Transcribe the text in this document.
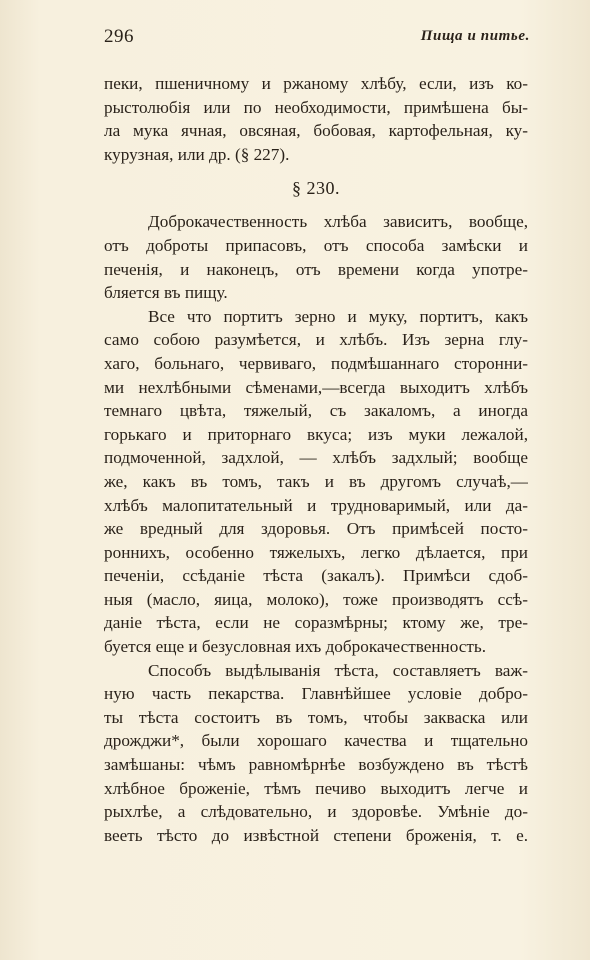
296	Пища и питье.
пеки, пшеничному и ржаному хлѣбу, если, изъ ко-
рыстолюбія или по необходимости, примѣшена бы-
ла мука ячная, овсяная, бобовая, картофельная, ку-
курузная, или др. (§ 227).
§ 230.
Доброкачественность хлѣба зависитъ, вообще,
отъ доброты припасовъ, отъ способа замѣски и
печенія, и наконецъ, отъ времени когда употре-
бляется въ пищу.
Все что портитъ зерно и муку, портитъ, какъ
само собою разумѣется, и хлѣбъ. Изъ зерна глу-
хаго, больнаго, червиваго, подмѣшаннаго сторонни-
ми нехлѣбными сѣменами,—всегда выходитъ хлѣбъ
темнаго цвѣта, тяжелый, съ закаломъ, а иногда
горькаго и приторнаго вкуса; изъ муки лежалой,
подмоченной, задхлой, — хлѣбъ задхлый; вообще
же, какъ въ томъ, такъ и въ другомъ случаѣ,—
хлѣбъ малопитательный и трудноваримый, или да-
же вредный для здоровья. Отъ примѣсей посто-
роннихъ, особенно тяжелыхъ, легко дѣлается, при
печеніи, ссѣданіе тѣста (закалъ). Примѣси сдоб-
ныя (масло, яица, молоко), тоже производятъ ссѣ-
даніе тѣста, если не соразмѣрны; ктому же, тре-
буется еще и безусловная ихъ доброкачественность.
Способъ выдѣлыванія тѣста, составляетъ важ-
ную часть пекарства. Главнѣйшее условіе добро-
ты тѣста состоитъ въ томъ, чтобы закваска или
дрожджи*, были хорошаго качества и тщательно
замѣшаны: чѣмъ равномѣрнѣе возбуждено въ тѣстѣ
хлѣбное броженіе, тѣмъ печиво выходитъ легче и
рыхлѣе, а слѣдовательно, и здоровѣе. Умѣніе до-
вееть тѣсто до извѣстной степени броженія, т. е.
